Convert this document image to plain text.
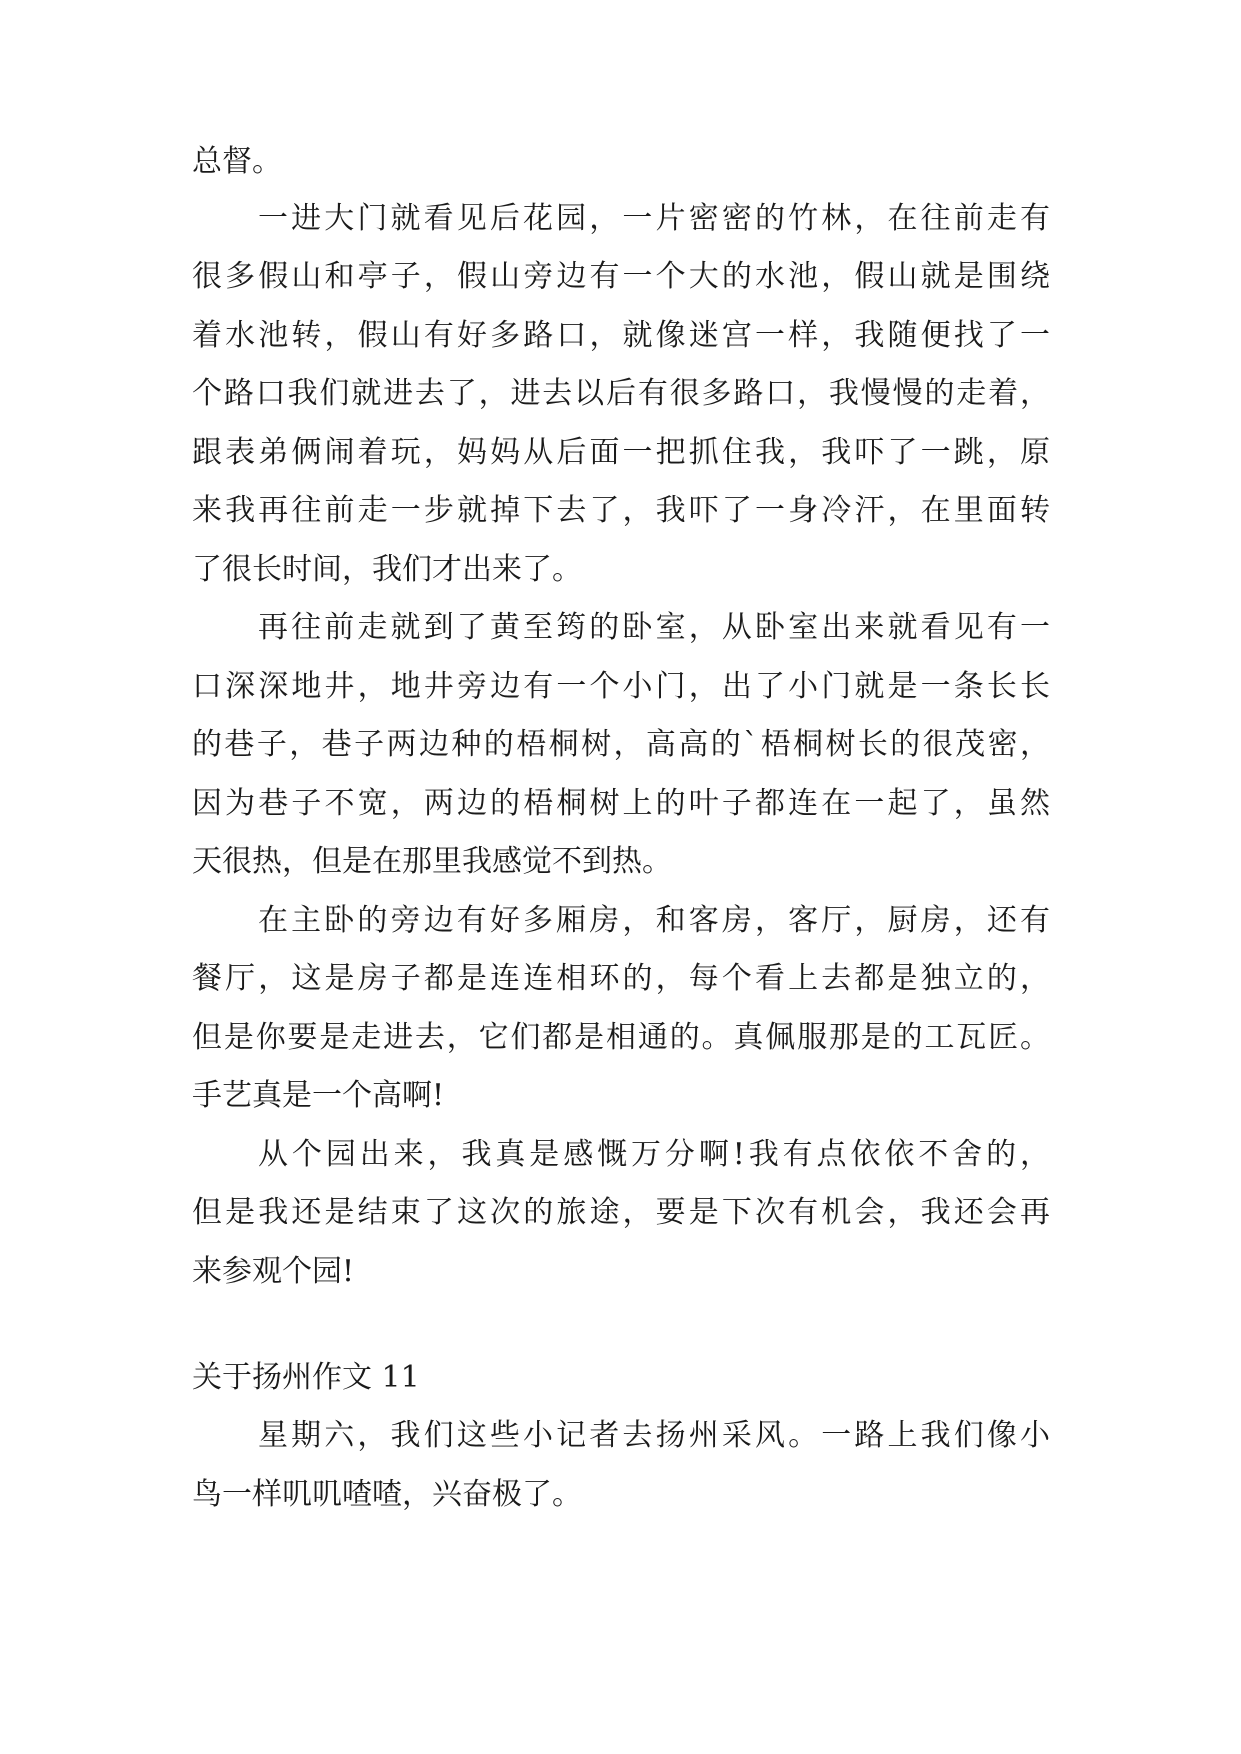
总督。
一进大门就看见后花园，一片密密的竹林，在往前走有
很多假山和亭子，假山旁边有一个大的水池，假山就是围绕
着水池转，假山有好多路口，就像迷宫一样，我随便找了一
个路口我们就进去了，进去以后有很多路口，我慢慢的走着，
跟表弟俩闹着玩，妈妈从后面一把抓住我，我吓了一跳，原
来我再往前走一步就掉下去了，我吓了一身冷汗，在里面转
了很长时间，我们才出来了。
再往前走就到了黄至筠的卧室，从卧室出来就看见有一
口深深地井，地井旁边有一个小门，出了小门就是一条长长
的巷子，巷子两边种的梧桐树，高高的`梧桐树长的很茂密，
因为巷子不宽，两边的梧桐树上的叶子都连在一起了，虽然
天很热，但是在那里我感觉不到热。
在主卧的旁边有好多厢房，和客房，客厅，厨房，还有
餐厅，这是房子都是连连相环的，每个看上去都是独立的，
但是你要是走进去，它们都是相通的。真佩服那是的工瓦匠。
手艺真是一个高啊!
从个园出来，我真是感慨万分啊!我有点依依不舍的，
但是我还是结束了这次的旅途，要是下次有机会，我还会再
来参观个园!
关于扬州作文 11
星期六，我们这些小记者去扬州采风。一路上我们像小
鸟一样叽叽喳喳，兴奋极了。
